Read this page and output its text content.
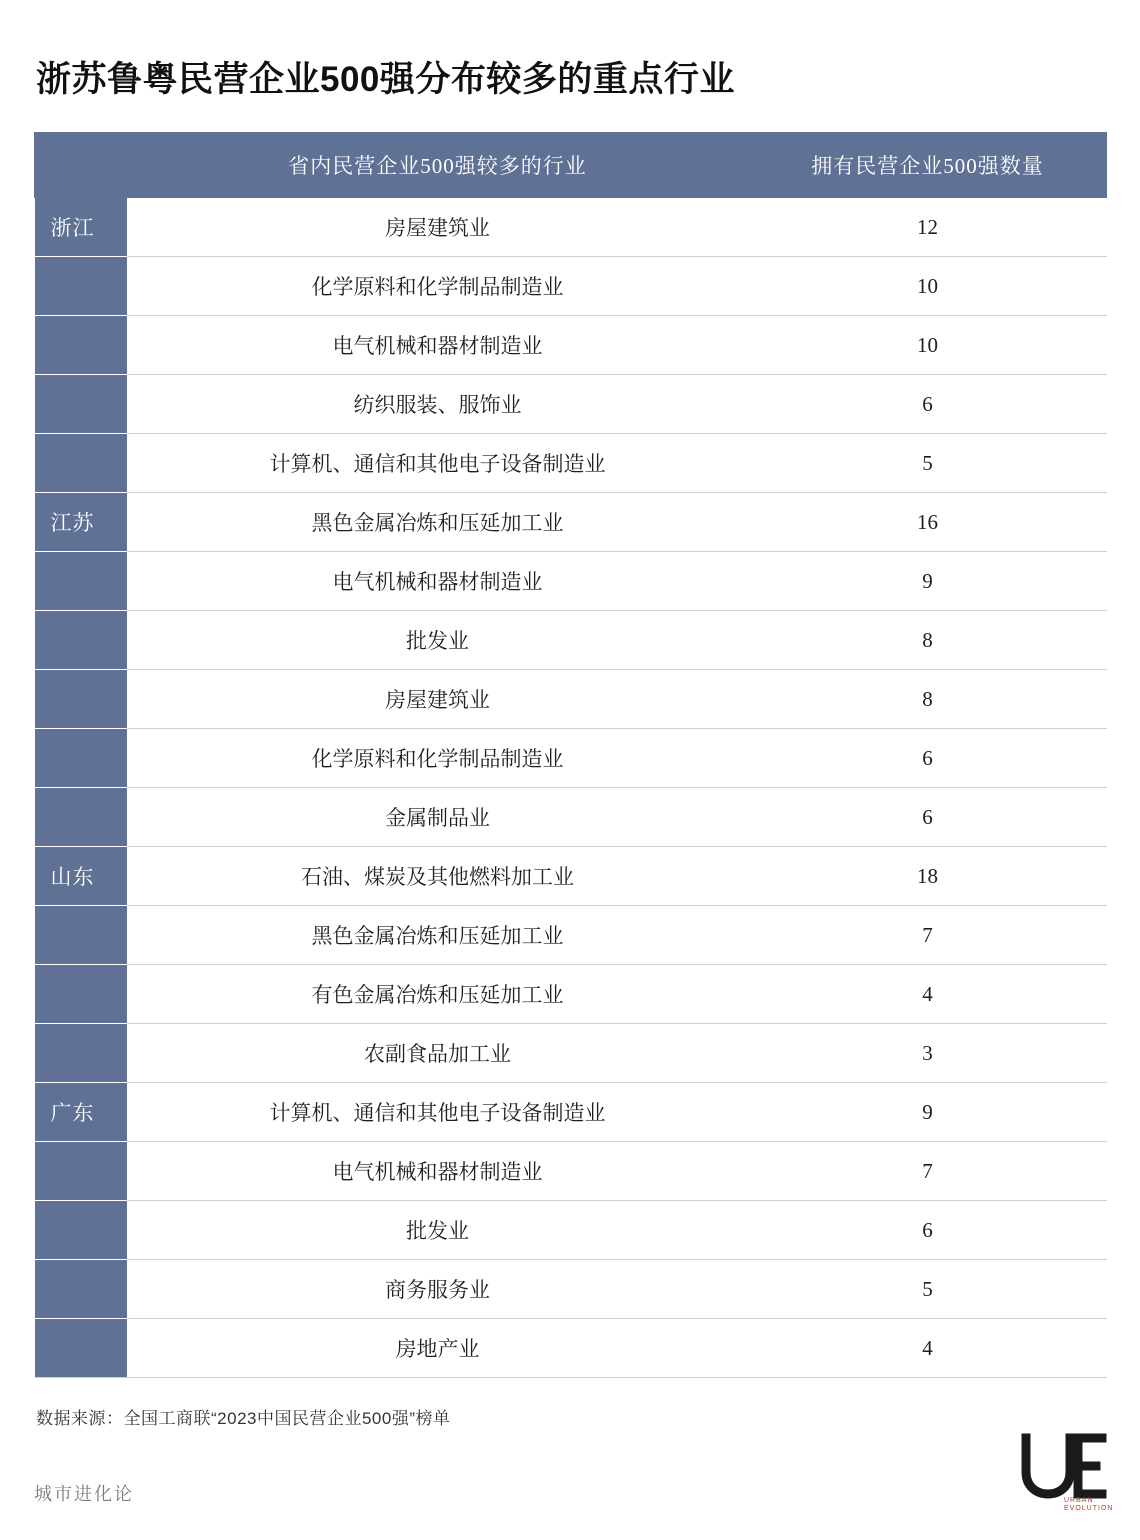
浙苏鲁粤民营企业500强分布较多的重点行业
	省内民营企业500强较多的行业	拥有民营企业500强数量
浙江	房屋建筑业	12
	化学原料和化学制品制造业	10
	电气机械和器材制造业	10
	纺织服装、服饰业	6
	计算机、通信和其他电子设备制造业	5
江苏	黑色金属冶炼和压延加工业	16
	电气机械和器材制造业	9
	批发业	8
	房屋建筑业	8
	化学原料和化学制品制造业	6
	金属制品业	6
山东	石油、煤炭及其他燃料加工业	18
	黑色金属冶炼和压延加工业	7
	有色金属冶炼和压延加工业	4
	农副食品加工业	3
广东	计算机、通信和其他电子设备制造业	9
	电气机械和器材制造业	7
	批发业	6
	商务服务业	5
	房地产业	4
数据来源：全国工商联“2023中国民营企业500强”榜单
城市进化论	URBAN
EVOLUTION
